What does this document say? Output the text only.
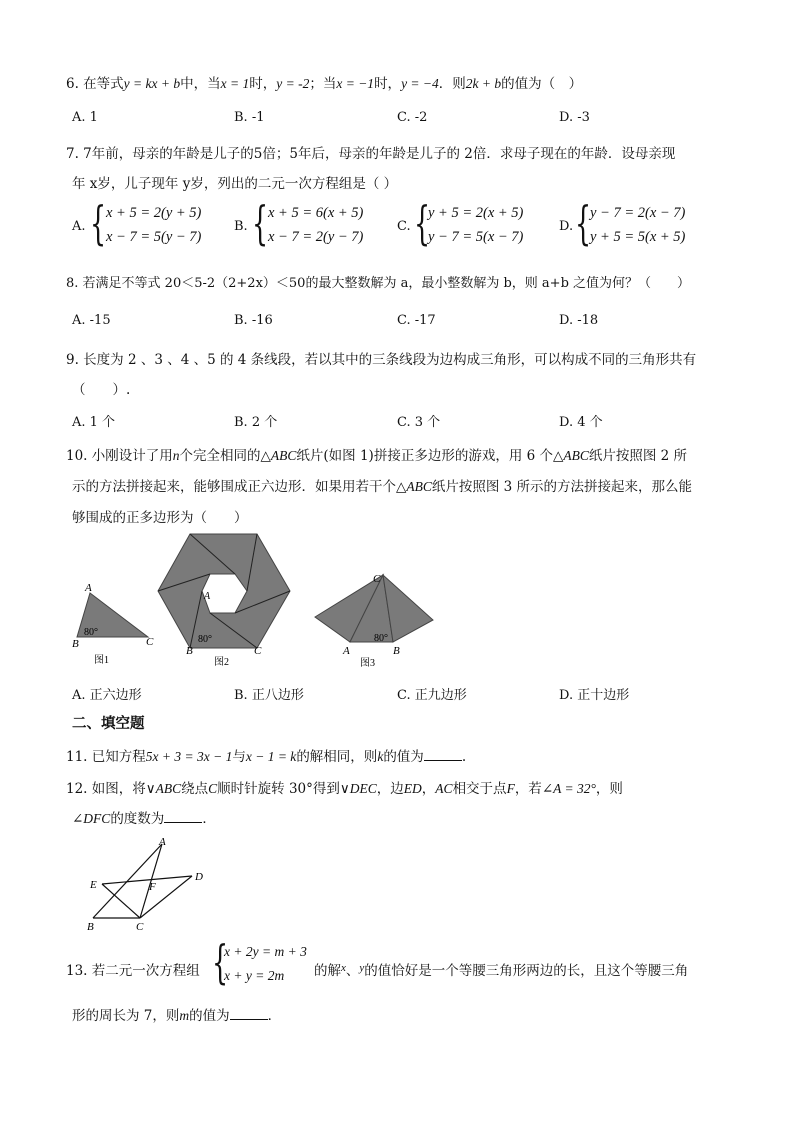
6. 在等式y = kx + b中，当x = 1时，y = -2；当x = −1时，y = −4．则2k + b的值为（　）
A. 1	B. -1	C. -2	D. -3
7. 7年前，母亲的年龄是儿子的5倍；5年后，母亲的年龄是儿子的 2倍．求母子现在的年龄．设母亲现
年 x岁，儿子现年 y岁，列出的二元一次方程组是（ ）
A. { x + 5 = 2(y + 5)
x − 7 = 5(y − 7)
B. { x + 5 = 6(x + 5)
x − 7 = 2(y − 7)
C. {
y + 5 = 2(x + 5)
y − 7 = 5(x − 7)
D. {
y − 7 = 2(x − 7)
y + 5 = 5(x + 5)
8. 若满足不等式 20＜5-2（2+2x）＜50的最大整数解为 a，最小整数解为 b，则 a+b 之值为何？（　　）
A. -15	B. -16	C. -17	D. -18
9. 长度为 2 、3 、4 、5 的 4 条线段，若以其中的三条线段为边构成三角形，可以构成不同的三角形共有
（　　）.
A. 1 个	B. 2 个	C. 3 个	D. 4 个
10. 小刚设计了用n个完全相同的△ABC纸片(如图 1)拼接正多边形的游戏，用 6 个△ABC纸片按照图 2 所
示的方法拼接起来，能够围成正六边形．如果用若干个△ABC纸片按照图 3 所示的方法拼接起来，那么能
够围成的正多边形为（　　）
A
B	C
80°
图1
A
B	C
80°
图2
C
A	B
80°
图3
A. 正六边形	B. 正八边形	C. 正九边形	D. 正十边形
二、填空题
11. 已知方程5x + 3 = 3x − 1与x − 1 = k的解相同，则k的值为	.
12. 如图，将∨ABC绕点C顺时针旋转 30°得到∨DEC，边ED，AC相交于点F，若∠A = 32°，则
∠DFC的度数为	．
A
B	C
D
E	F
13. 若二元一次方程组 {
x + 2y = m + 3
x + y = 2m 的解$^x$、$^y$的值恰好是一个等腰三角形两边的长，且这个等腰三角
形的周长为 7，则m的值为	．
